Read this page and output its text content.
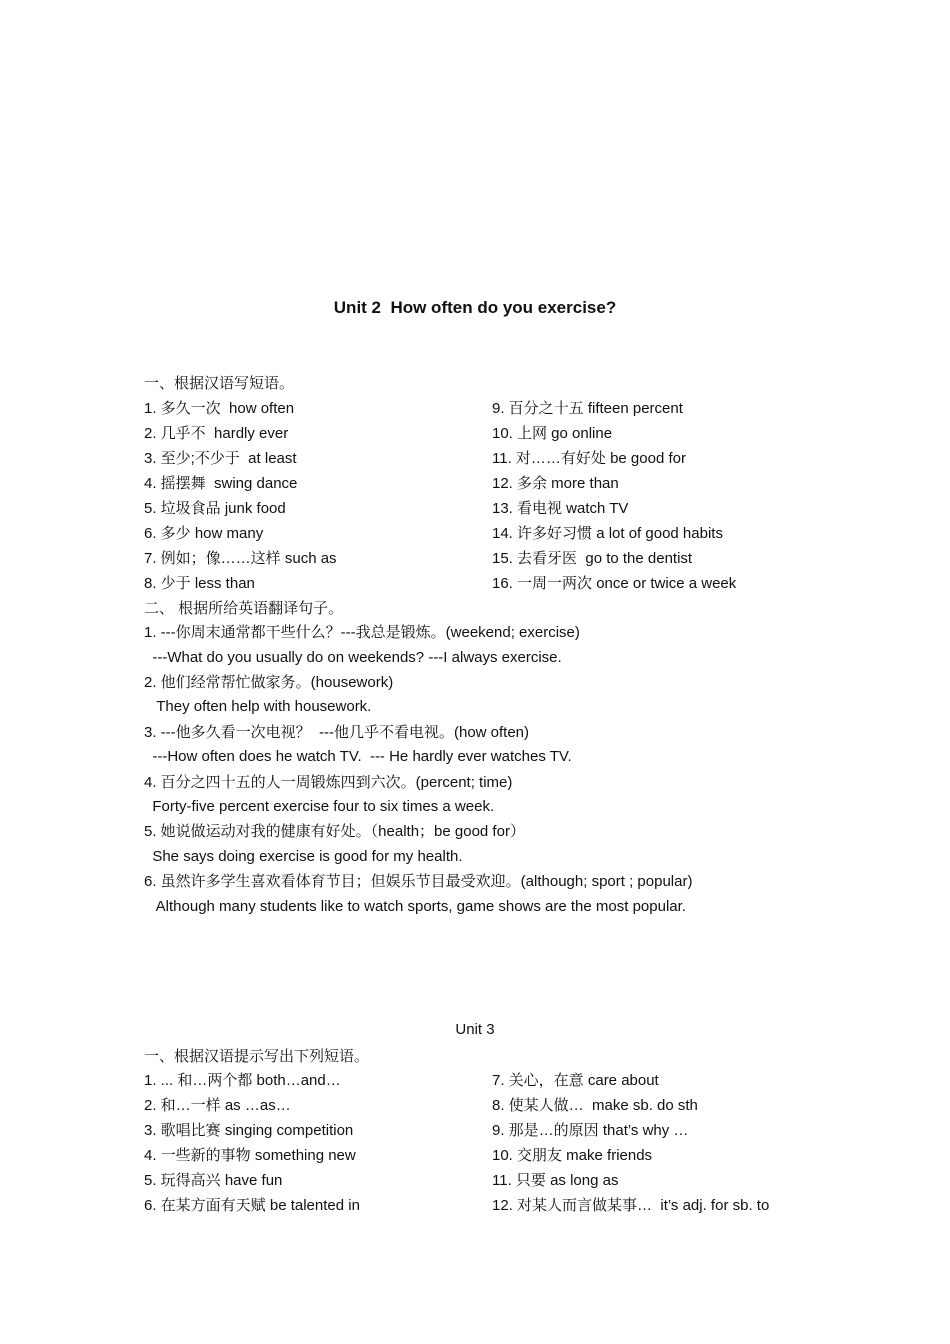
Unit 2  How often do you exercise?
一、根据汉语写短语。
1. 多久一次  how often
2. 几乎不  hardly ever
3. 至少;不少于  at least
4. 摇摆舞  swing dance
5. 垃圾食品 junk food
6. 多少 how many
7. 例如；像……这样 such as
8. 少于 less than
9. 百分之十五 fifteen percent
10. 上网 go online
11. 对……有好处 be good for
12. 多余 more than
13. 看电视 watch TV
14. 许多好习惯 a lot of good habits
15. 去看牙医  go to the dentist
16. 一周一两次 once or twice a week
二、 根据所给英语翻译句子。
1. ---你周末通常都干些什么？---我总是锻炼。(weekend; exercise)
---What do you usually do on weekends? ---I always exercise.
2. 他们经常帮忙做家务。(housework)
They often help with housework.
3. ---他多久看一次电视？  ---他几乎不看电视。(how often)
---How often does he watch TV.  --- He hardly ever watches TV.
4. 百分之四十五的人一周锻炼四到六次。(percent; time)
Forty-five percent exercise four to six times a week.
5. 她说做运动对我的健康有好处。（health；be good for）
She says doing exercise is good for my health.
6. 虽然许多学生喜欢看体育节目；但娱乐节目最受欢迎。(although; sport ; popular)
Although many students like to watch sports, game shows are the most popular.
Unit 3
一、根据汉语提示写出下列短语。
1. ... 和…两个都 both…and…
2. 和…一样 as …as…
3. 歌唱比赛 singing competition
4. 一些新的事物 something new
5. 玩得高兴 have fun
6. 在某方面有天赋 be talented in
7. 关心，在意 care about
8. 使某人做…  make sb. do sth
9. 那是…的原因 that’s why …
10. 交朋友 make friends
11. 只要 as long as
12. 对某人而言做某事…  it’s adj. for sb. to
